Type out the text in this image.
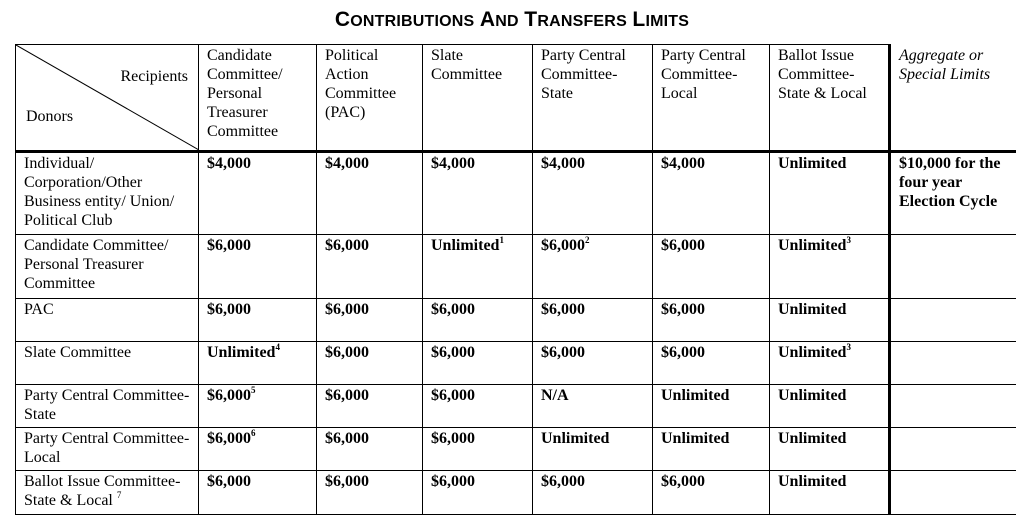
CONTRIBUTIONS AND TRANSFERS LIMITS
Recipients
Donors	Candidate Committee/ Personal Treasurer Committee	Political Action Committee (PAC)	Slate Committee	Party Central Committee- State	Party Central Committee- Local	Ballot Issue Committee- State & Local	Aggregate or Special Limits
Individual/ Corporation/Other Business entity/ Union/ Political Club	$4,000	$4,000	$4,000	$4,000	$4,000	Unlimited	$10,000 for the four year Election Cycle
Candidate Committee/ Personal Treasurer Committee	$6,000	$6,000	Unlimited$^1$	$6,000$^2$	$6,000	Unlimited$^3$	
PAC	$6,000	$6,000	$6,000	$6,000	$6,000	Unlimited	
Slate Committee	Unlimited$^4$	$6,000	$6,000	$6,000	$6,000	Unlimited$^3$	
Party Central Committee- State	$6,000$^5$	$6,000	$6,000	N/A	Unlimited	Unlimited	
Party Central Committee-Local	$6,000$^6$	$6,000	$6,000	Unlimited	Unlimited	Unlimited	
Ballot Issue Committee- State & Local $^7$	$6,000	$6,000	$6,000	$6,000	$6,000	Unlimited	
